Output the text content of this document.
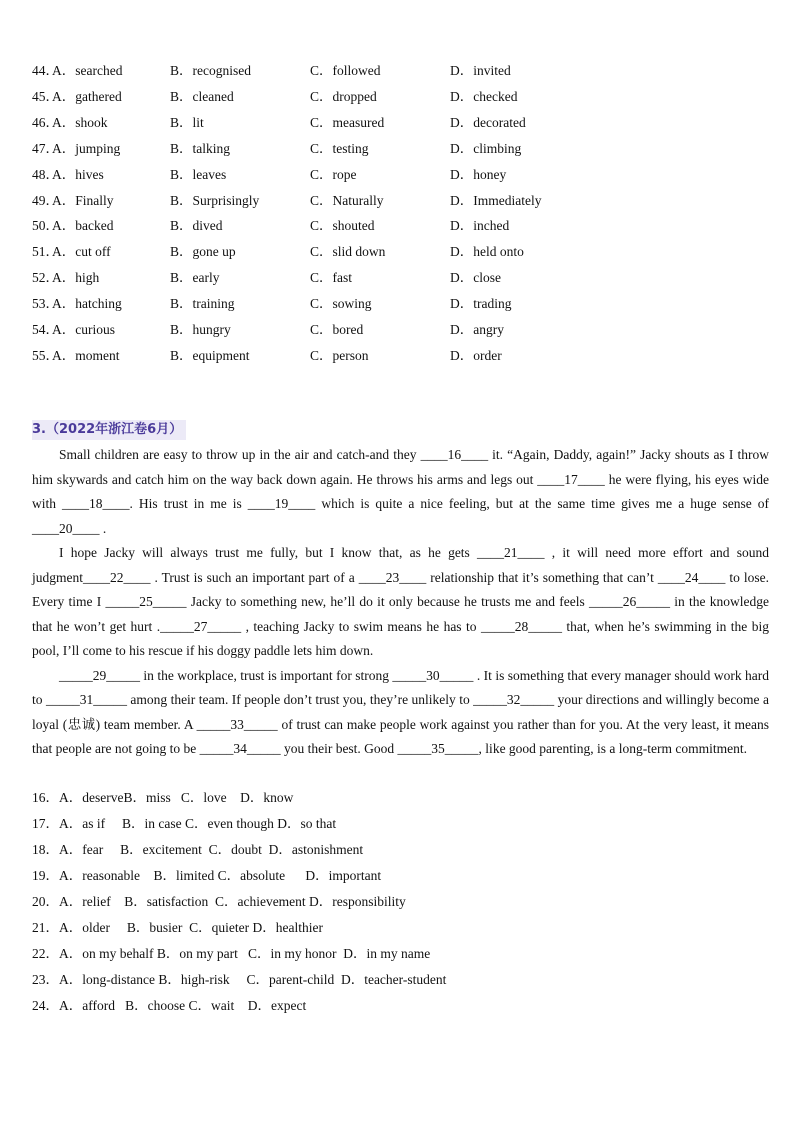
44．
A．searched	B．recognised	C．followed	D．invited
45．
A．gathered	B．cleaned	C．dropped	D．checked
46．
A．shook	B．lit	C．measured	D．decorated
47．
A．jumping	B．talking	C．testing	D．climbing
48．
A．hives	B．leaves	C．rope	D．honey
49．
A．Finally	B．Surprisingly	C．Naturally	D．Immediately
50．
A．backed	B．dived	C．shouted	D．inched
51．
A．cut off	B．gone up	C．slid down	D．held onto
52．
A．high	B．early	C．fast	D．close
53．
A．hatching	B．training	C．sowing	D．trading
54．
A．curious	B．hungry	C．bored	D．angry
55．
A．moment	B．equipment	C．person	D．order
3.（2022年浙江卷6月）

Small children are easy to throw up in the air and catch-and they ____16____ it. “Again, Daddy, again!” Jacky shouts as I throw him skywards and catch him on the way back down again. He throws his arms and legs out ____17____ he were flying, his eyes wide with ____18____. His trust in me is ____19____ which is quite a nice feeling, but at the same time gives me a huge sense of ____20____ .

I hope Jacky will always trust me fully, but I know that, as he gets ____21____ , it will need more effort and sound judgment____22____ . Trust is such an important part of a ____23____ relationship that it’s something that can’t ____24____ to lose. Every time I _____25_____ Jacky to something new, he’ll do it only because he trusts me and feels _____26_____ in the knowledge that he won’t get hurt ._____27_____ , teaching Jacky to swim means he has to _____28_____ that, when he’s swimming in the big pool, I’ll come to his rescue if his doggy paddle lets him down.

_____29_____ in the workplace, trust is important for strong _____30_____ . It is something that every manager should work hard to _____31_____ among their team. If people don’t trust you, they’re unlikely to _____32_____ your directions and willingly become a loyal (忠诚) team member. A _____33_____ of trust can make people work against you rather than for you. At the very least, it means that people are not going to be _____34_____ you their best. Good _____35_____, like good parenting, is a long-term commitment.

16．A．deserveB．miss   C．love    D．know
17．A．as if     B．in case C．even though D．so that
18．A．fear     B．excitement  C．doubt  D．astonishment
19．A．reasonable    B．limited C．absolute      D．important
20．A．relief    B．satisfaction  C．achievement D．responsibility
21．A．older     B．busier  C．quieter D．healthier
22．A．on my behalf B．on my part   C．in my honor  D．in my name
23．A．long-distance B．high-risk     C．parent-child  D．teacher-student
24．A．afford   B．choose C．wait    D．expect
